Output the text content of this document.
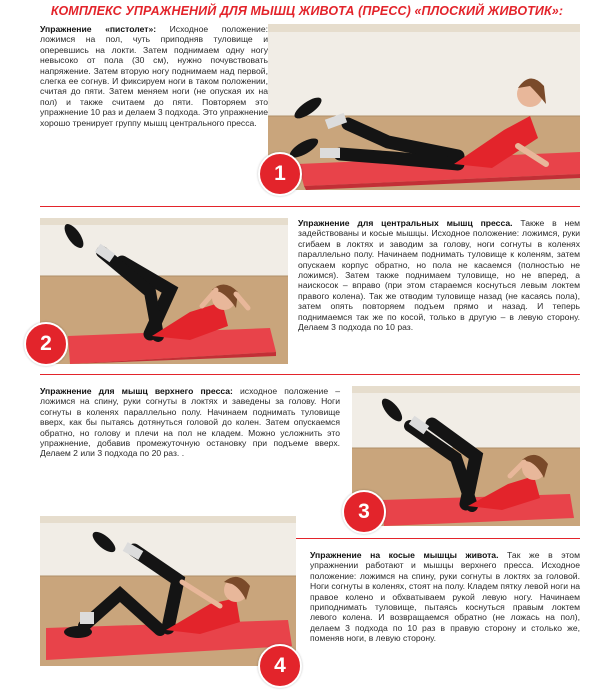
КОМПЛЕКС УПРАЖНЕНИЙ ДЛЯ МЫШЦ ЖИВОТА (ПРЕСС) «ПЛОСКИЙ ЖИВОТИК»:
Упражнение «пистолет»: Исходное положение: ложимся на пол, чуть приподняв туловище и оперевшись на локти. Затем поднимаем одну ногу невысоко от пола (30 см), нужно почувствовать напряжение. Затем вторую ногу поднимаем над первой, слегка ее согнув. И фиксируем ноги в таком положении, считая до пяти. Затем меняем ноги (не опуская их на пол) и также считаем до пяти. Повторяем это упражнение 10 раз и делаем 3 подхода. Это упражнение хорошо тренирует группу мышц центрального пресса.
1
2
Упражнение для центральных мышц пресса. Также в нем задействованы и косые мышцы. Исходное положение: ложимся, руки сгибаем в локтях и заводим за голову, ноги согнуты в коленях параллельно полу. Начинаем поднимать туловище к коленям, затем опускаем корпус обратно, но пола не касаемся (полностью не ложимся). Затем также поднимаем туловище, но не вперед, а наискосок – вправо (при этом стараемся коснуться левым локтем правого колена). Так же отводим туловище назад (не касаясь пола), затем опять повторяем подъем прямо и назад. И теперь поднимаемся так же по косой, только в другую – в левую сторону. Делаем 3 подхода по 10 раз.
Упражнение для мышц верхнего пресса: исходное положение – ложимся на спину, руки согнуты в локтях и заведены за голову. Ноги согнуты в коленях параллельно полу. Начинаем поднимать туловище вверх, как бы пытаясь дотянуться головой до колен. Затем опускаемся обратно, но голову и плечи на пол не кладем. Можно усложнить это упражнение, добавив промежуточную остановку при подъеме вверх. Делаем 2 или 3 подхода по 20 раз. .
3
4
Упражнение на косые мышцы живота. Так же в этом упражнении работают и мышцы верхнего пресса. Исходное положение: ложимся на спину, руки согнуты в локтях за головой. Ноги согнуты в коленях, стоят на полу. Кладем пятку левой ноги на правое колено и обхватываем рукой левую ногу. Начинаем приподнимать туловище, пытаясь коснуться правым локтем левого колена. И возвращаемся обратно (не ложась на пол), делаем 3 подхода по 10 раз в правую сторону и столько же, поменяв ноги, в левую сторону.
